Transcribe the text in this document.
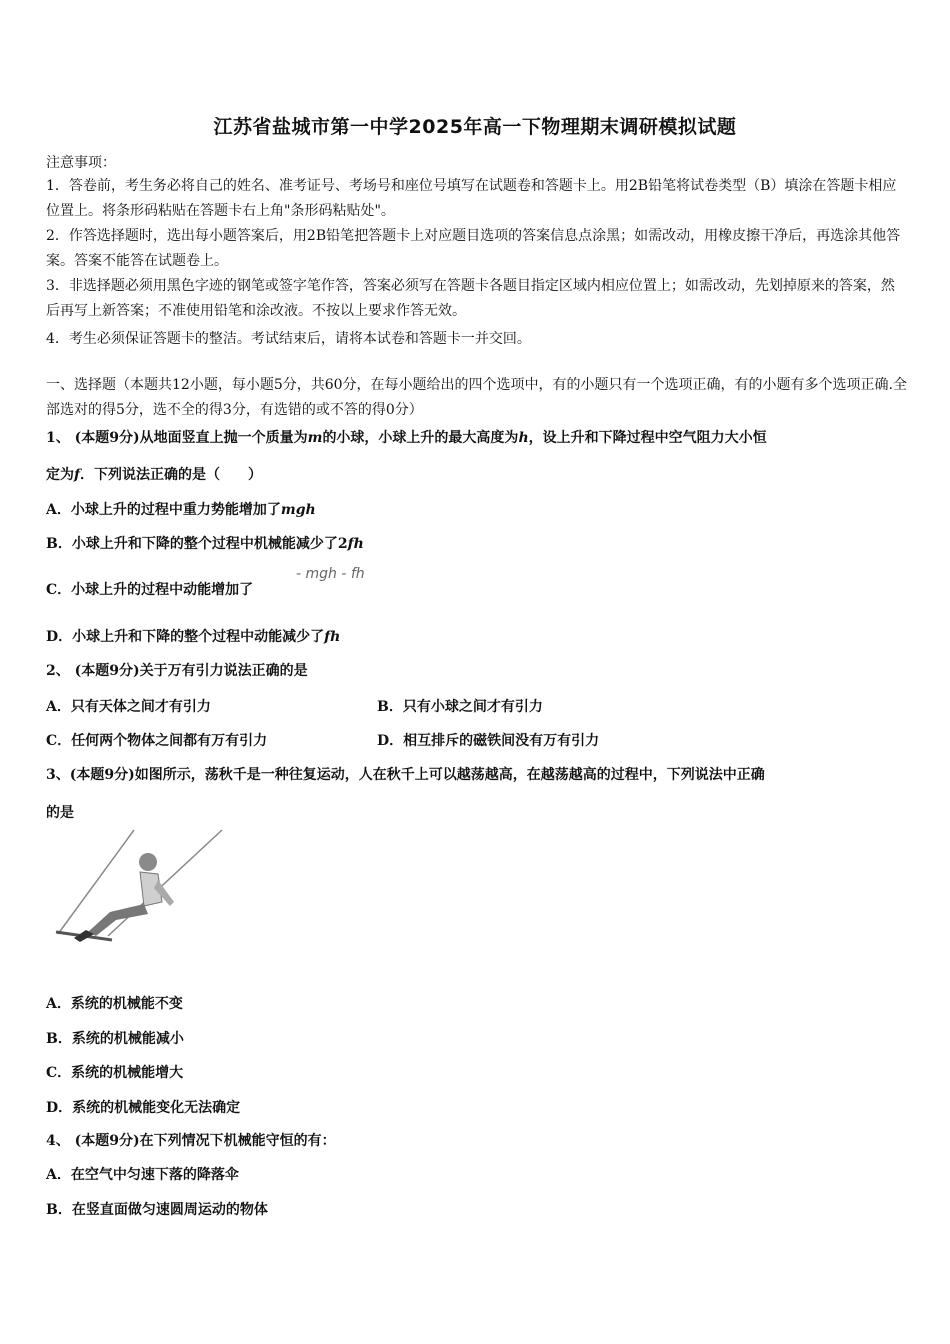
江苏省盐城市第一中学2025年高一下物理期末调研模拟试题
注意事项：
1．答卷前，考生务必将自己的姓名、准考证号、考场号和座位号填写在试题卷和答题卡上。用2B铅笔将试卷类型（B）填涂在答题卡相应位置上。将条形码粘贴在答题卡右上角"条形码粘贴处"。
2．作答选择题时，选出每小题答案后，用2B铅笔把答题卡上对应题目选项的答案信息点涂黑；如需改动，用橡皮擦干净后，再选涂其他答案。答案不能答在试题卷上。
3．非选择题必须用黑色字迹的钢笔或签字笔作答，答案必须写在答题卡各题目指定区域内相应位置上；如需改动，先划掉原来的答案，然后再写上新答案；不准使用铅笔和涂改液。不按以上要求作答无效。
4．考生必须保证答题卡的整洁。考试结束后，请将本试卷和答题卡一并交回。
一、选择题（本题共12小题，每小题5分，共60分，在每小题给出的四个选项中，有的小题只有一个选项正确，有的小题有多个选项正确.全部选对的得5分，选不全的得3分，有选错的或不答的得0分）
1、 (本题9分)从地面竖直上抛一个质量为m的小球，小球上升的最大高度为h，设上升和下降过程中空气阻力大小恒
定为f．下列说法正确的是（　　）
A．小球上升的过程中重力势能增加了mgh
B．小球上升和下降的整个过程中机械能减少了2fh
C．小球上升的过程中动能增加了
- mgh - fh
D．小球上升和下降的整个过程中动能减少了fh
2、 (本题9分)关于万有引力说法正确的是
A．只有天体之间才有引力	B．只有小球之间才有引力
C．任何两个物体之间都有万有引力	D．相互排斥的磁铁间没有万有引力
3、(本题9分)如图所示，荡秋千是一种往复运动，人在秋千上可以越荡越高，在越荡越高的过程中，下列说法中正确
的是
A．系统的机械能不变
B．系统的机械能减小
C．系统的机械能增大
D．系统的机械能变化无法确定
4、 (本题9分)在下列情况下机械能守恒的有：
A．在空气中匀速下落的降落伞
B．在竖直面做匀速圆周运动的物体
